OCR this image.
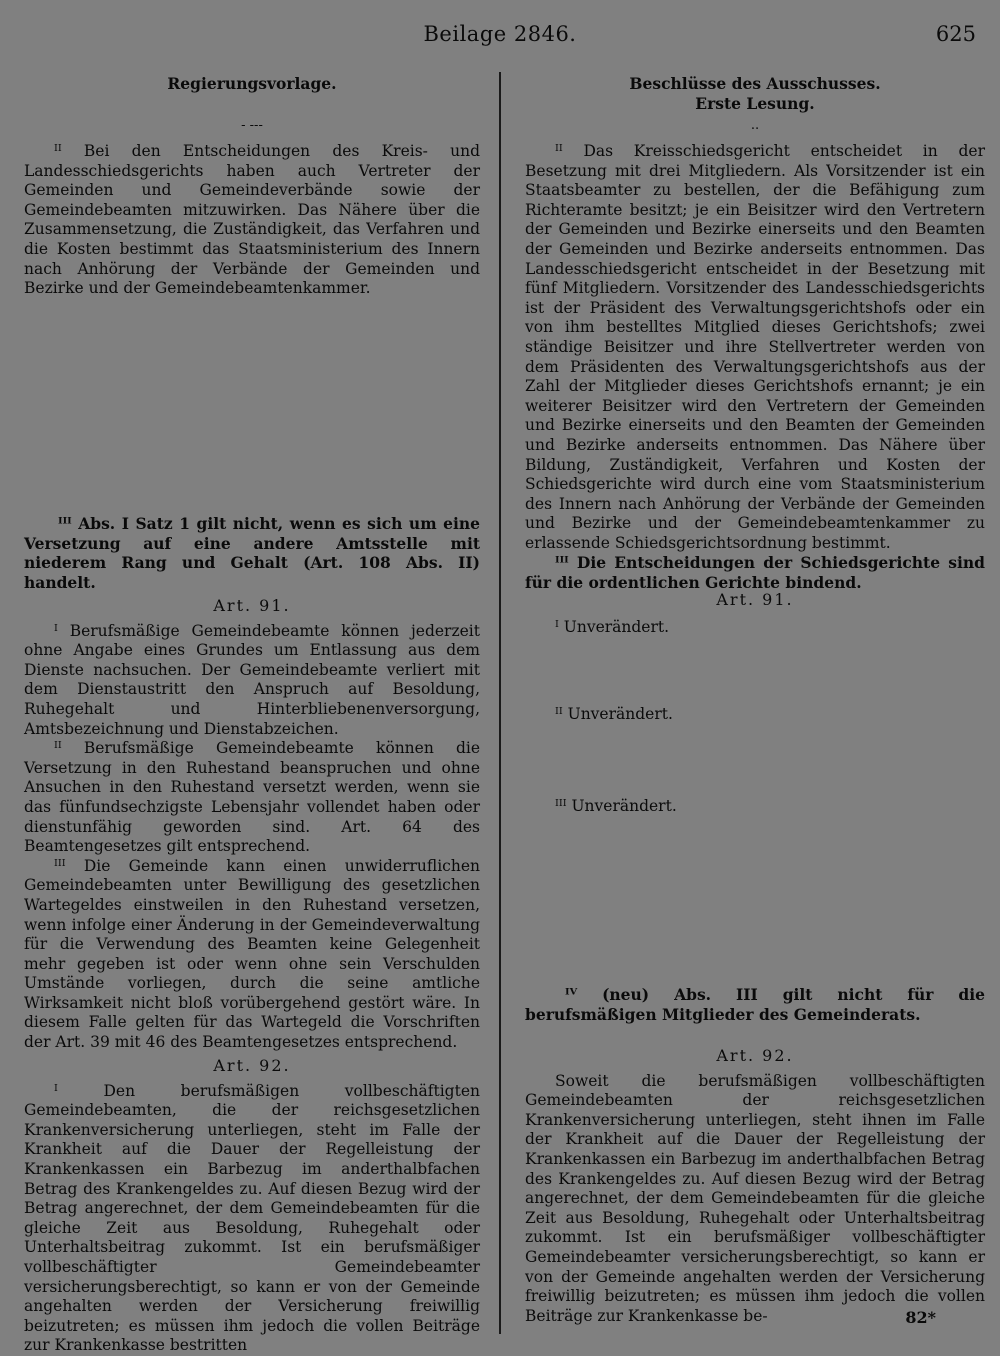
Beilage 2846.	625
Regierungsvorlage.
- ---

ᴵᴵ Bei den Entscheidungen des Kreis- und Landesschiedsgerichts haben auch Vertreter der Gemeinden und Gemeindeverbände sowie der Gemeindebeamten mitzuwirken. Das Nähere über die Zusammensetzung, die Zuständigkeit, das Verfahren und die Kosten bestimmt das Staatsministerium des Innern nach Anhörung der Verbände der Gemeinden und Bezirke und der Gemeindebeamtenkammer.

ᴵᴵᴵ Abs. I Satz 1 gilt nicht, wenn es sich um eine Versetzung auf eine andere Amtsstelle mit niederem Rang und Gehalt (Art. 108 Abs. II) handelt.

Art. 91.

ᴵ Berufsmäßige Gemeindebeamte können jederzeit ohne Angabe eines Grundes um Entlassung aus dem Dienste nachsuchen. Der Gemeindebeamte verliert mit dem Dienstaustritt den Anspruch auf Besoldung, Ruhegehalt und Hinterbliebenenversorgung, Amtsbezeichnung und Dienstabzeichen.

ᴵᴵ Berufsmäßige Gemeindebeamte können die Versetzung in den Ruhestand beanspruchen und ohne Ansuchen in den Ruhestand versetzt werden, wenn sie das fünfundsechzigste Lebensjahr vollendet haben oder dienstunfähig geworden sind. Art. 64 des Beamtengesetzes gilt entsprechend.

ᴵᴵᴵ Die Gemeinde kann einen unwiderruflichen Gemeindebeamten unter Bewilligung des gesetzlichen Wartegeldes einstweilen in den Ruhestand versetzen, wenn infolge einer Änderung in der Gemeindeverwaltung für die Verwendung des Beamten keine Gelegenheit mehr gegeben ist oder wenn ohne sein Verschulden Umstände vorliegen, durch die seine amtliche Wirksamkeit nicht bloß vorübergehend gestört wäre. In diesem Falle gelten für das Wartegeld die Vorschriften der Art. 39 mit 46 des Beamtengesetzes entsprechend.

Art. 92.

ᴵ Den berufsmäßigen vollbeschäftigten Gemeindebeamten, die der reichsgesetzlichen Krankenversicherung unterliegen, steht im Falle der Krankheit auf die Dauer der Regelleistung der Krankenkassen ein Barbezug im anderthalbfachen Betrag des Krankengeldes zu. Auf diesen Bezug wird der Betrag angerechnet, der dem Gemeindebeamten für die gleiche Zeit aus Besoldung, Ruhegehalt oder Unterhaltsbeitrag zukommt. Ist ein berufsmäßiger vollbeschäftigter Gemeindebeamter versicherungsberechtigt, so kann er von der Gemeinde angehalten werden der Versicherung freiwillig beizutreten; es müssen ihm jedoch die vollen Beiträge zur Krankenkasse bestritten

Beschlüsse des Ausschusses.
Erste Lesung.
..

ᴵᴵ Das Kreisschiedsgericht entscheidet in der Besetzung mit drei Mitgliedern. Als Vorsitzender ist ein Staatsbeamter zu bestellen, der die Befähigung zum Richteramte besitzt; je ein Beisitzer wird den Vertretern der Gemeinden und Bezirke einerseits und den Beamten der Gemeinden und Bezirke anderseits entnommen. Das Landesschiedsgericht entscheidet in der Besetzung mit fünf Mitgliedern. Vorsitzender des Landesschiedsgerichts ist der Präsident des Verwaltungsgerichtshofs oder ein von ihm bestelltes Mitglied dieses Gerichtshofs; zwei ständige Beisitzer und ihre Stellvertreter werden von dem Präsidenten des Verwaltungsgerichtshofs aus der Zahl der Mitglieder dieses Gerichtshofs ernannt; je ein weiterer Beisitzer wird den Vertretern der Gemeinden und Bezirke einerseits und den Beamten der Gemeinden und Bezirke anderseits entnommen. Das Nähere über Bildung, Zuständigkeit, Verfahren und Kosten der Schiedsgerichte wird durch eine vom Staatsministerium des Innern nach Anhörung der Verbände der Gemeinden und Bezirke und der Gemeindebeamtenkammer zu erlassende Schiedsgerichtsordnung bestimmt.

ᴵᴵᴵ Die Entscheidungen der Schiedsgerichte sind für die ordentlichen Gerichte bindend.

Art. 91.

ᴵ Unverändert.

ᴵᴵ Unverändert.

ᴵᴵᴵ Unverändert.

ᴵⱽ (neu) Abs. III gilt nicht für die berufsmäßigen Mitglieder des Gemeinderats.

Art. 92.

Soweit die berufsmäßigen vollbeschäftigten Gemeindebeamten der reichsgesetzlichen Krankenversicherung unterliegen, steht ihnen im Falle der Krankheit auf die Dauer der Regelleistung der Krankenkassen ein Barbezug im anderthalbfachen Betrag des Krankengeldes zu. Auf diesen Bezug wird der Betrag angerechnet, der dem Gemeindebeamten für die gleiche Zeit aus Besoldung, Ruhegehalt oder Unterhaltsbeitrag zukommt. Ist ein berufsmäßiger vollbeschäftigter Gemeindebeamter versicherungsberechtigt, so kann er von der Gemeinde angehalten werden der Versicherung freiwillig beizutreten; es müssen ihm jedoch die vollen Beiträge zur Krankenkasse be-	82*
